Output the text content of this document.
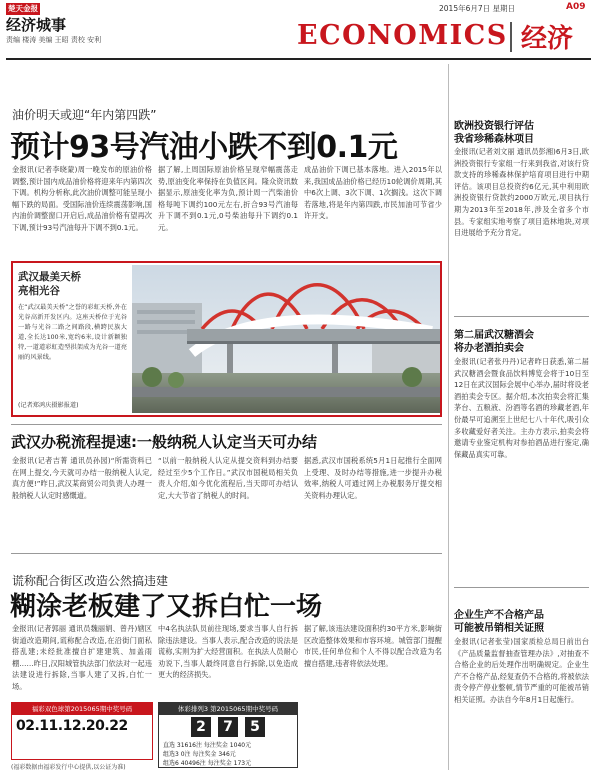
楚天金报
经济城事
责编 楼涛 美编 王昭 责校 安利
2015年6月7日 星期日	A09
ECONOMICS 经济
油价明天或迎“年内第四跌”
预计93号汽油小跌不到0.1元
金报讯(记者李晓蒙)周一晚发布的原油价格调整,预计国内成品油价格将迎来年内第四次下调。机构分析称,此次油价调整可能呈现小幅下跌的局面。受国际油价连续震荡影响,国内油价调整窗口开启后,成品油价格有望再次下调,预计93号汽油每升下调不到0.1元。
据了解,上周国际原油价格呈现窄幅震荡走势,原油变化率保持在负值区间。隆众资讯数据显示,原油变化率为负,预计周一汽柴油价格每吨下调约100元左右,折合93号汽油每升下调不到0.1元,0号柴油每升下调约0.1元。
成品油价下调已基本落地。进入2015年以来,我国成品油价格已经历10轮调价周期,其中6次上调、3次下调、1次搁浅。这次下调若落地,将是年内第四跌,市民加油可节省少许开支。
武汉最美天桥
亮相光谷
在“武汉最美天桥”之誉的彩虹天桥,外在光谷高新开发区内。这座天桥位于光谷一路与光谷二路之间路段,横跨民族大道,全长达100米,宽约6米,设计新颖独特,一道道彩虹造型拱架成为光谷一道亮丽的风景线。
(记者郑鸿庆摄影报道)
武汉办税流程提速:一般纳税人认定当天可办结
金报讯(记者吉菁 通讯员孙园)“所需资料已在网上提交,今天就可办结一般纳税人认定,真方便!”昨日,武汉某商贸公司负责人办理一般纳税人认定时感慨道。
“以前一般纳税人认定从提交资料到办结要经过至少5个工作日。”武汉市国税局相关负责人介绍,如今优化流程后,当天即可办结认定,大大节省了纳税人的时间。
据悉,武汉市国税系统5月1日起推行全面网上受理、及时办结等措施,进一步提升办税效率,纳税人可通过网上办税服务厅提交相关资料办理认定。
谎称配合街区改造公然搞违建
糊涂老板建了又拆白忙一场
金报讯(记者郭丽 通讯员魏丽娟、曾丹)辖区街道改造期间,谎称配合改造,在沿街门面私搭乱建;未经批准擅自扩建建筑、加盖雨棚……昨日,汉阳城管执法部门依法对一起违法建设进行拆除,当事人建了又拆,白忙一场。
中4名执法队员前往现场,要求当事人自行拆除违法建设。当事人表示,配合改造的说法是谎称,实则为扩大经营面积。在执法人员耐心劝说下,当事人最终同意自行拆除,以免造成更大的经济损失。
据了解,该违法建设面积约30平方米,影响街区改造整体效果和市容环境。城管部门提醒市民,任何单位和个人不得以配合改造为名擅自搭建,违者将依法处理。
福彩双色球第2015065期中奖号码
02.11.12.20.22
(福彩数据由福彩发行中心提供,以公证为准)
体彩排列3 第2015065期中奖号码
2	7	5
直选 31616注 每注奖金 1040元
组选3 0注 每注奖金 346元
组选6 40496注 每注奖金 173元
欧洲投资银行评估
我省珍稀森林项目
金报讯(记者刘文丽 通讯员彭湘)6月3日,欧洲投资银行专家组一行来到我省,对该行贷款支持的珍稀森林保护培育项目进行中期评估。该项目总投资约6亿元,其中利用欧洲投资银行贷款约2000万欧元,项目执行期为2013年至2018年,涉及全省多个市县。专家组实地考察了项目造林地块,对项目进展给予充分肯定。
第二届武汉糖酒会
将办老酒拍卖会
金报讯(记者张丹丹)记者昨日获悉,第二届武汉糖酒会暨食品饮料博览会将于10日至12日在武汉国际会展中心举办,届时将设老酒拍卖会专区。据介绍,本次拍卖会将汇集茅台、五粮液、汾酒等名酒的珍藏老酒,年份最早可追溯至上世纪七八十年代,吸引众多收藏爱好者关注。主办方表示,拍卖会将邀请专业鉴定机构对参拍酒品进行鉴定,确保藏品真实可靠。
企业生产不合格产品
可能被吊销相关证照
金报讯(记者张莹)国家质检总局日前出台《产品质量监督抽查管理办法》,对抽查不合格企业的后处理作出明确规定。企业生产不合格产品,经复查仍不合格的,将被依法责令停产停业整顿,情节严重的可能被吊销相关证照。办法自今年8月1日起施行。
